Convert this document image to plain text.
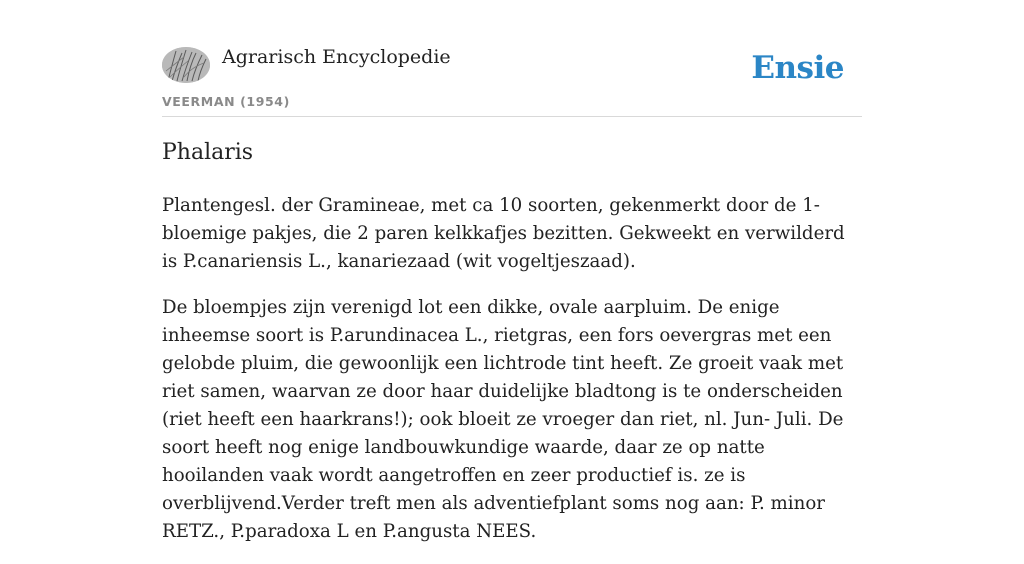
Agrarisch Encyclopedie
VEERMAN (1954)
Ensie
Phalaris

Plantengesl. der Gramineae, met ca 10 soorten, gekenmerkt door de 1-bloemige pakjes, die 2 paren kelkkafjes bezitten. Gekweekt en verwilderd is P.canariensis L., kanariezaad (wit vogeltjeszaad).

De bloempjes zijn verenigd lot een dikke, ovale aarpluim. De enige inheemse soort is P.arundinacea L., rietgras, een fors oevergras met een gelobde pluim, die gewoonlijk een lichtrode tint heeft. Ze groeit vaak met riet samen, waarvan ze door haar duidelijke bladtong is te onderscheiden (riet heeft een haarkrans!); ook bloeit ze vroeger dan riet, nl. Jun- Juli. De soort heeft nog enige landbouwkundige waarde, daar ze op natte hooilanden vaak wordt aangetroffen en zeer productief is. ze is overblijvend.Verder treft men als adventiefplant soms nog aan: P. minor RETZ., P.paradoxa L en P.angusta NEES.
